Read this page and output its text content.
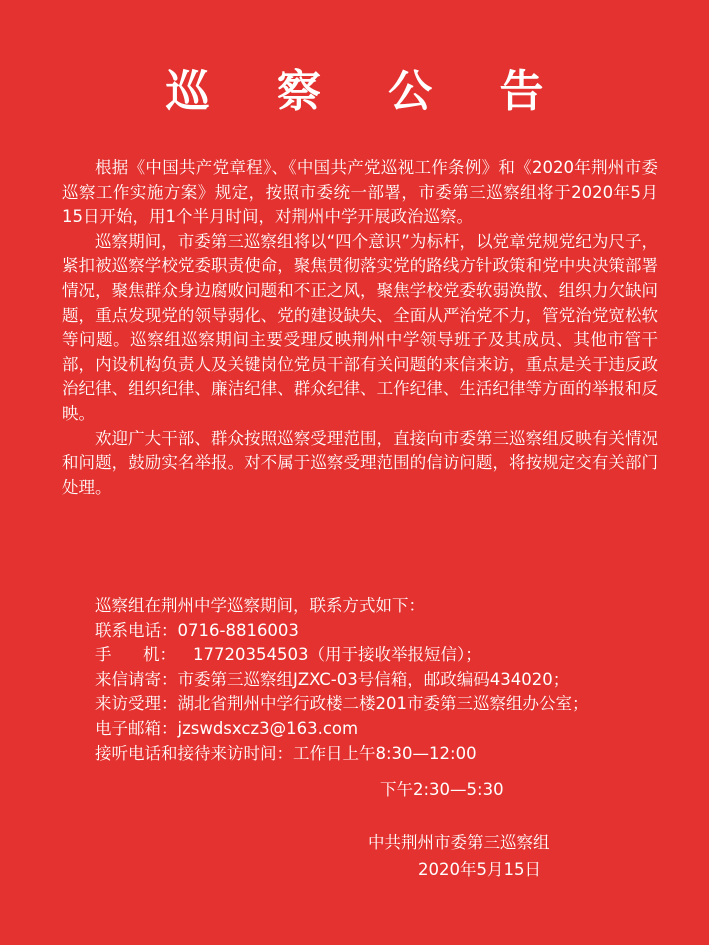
巡 察 公 告

根据《中国共产党章程》、《中国共产党巡视工作条例》和《2020年荆州市委巡察工作实施方案》规定，按照市委统一部署，市委第三巡察组将于2020年5月15日开始，用1个半月时间，对荆州中学开展政治巡察。

巡察期间，市委第三巡察组将以“四个意识”为标杆，以党章党规党纪为尺子，紧扣被巡察学校党委职责使命，聚焦贯彻落实党的路线方针政策和党中央决策部署情况，聚焦群众身边腐败问题和不正之风，聚焦学校党委软弱涣散、组织力欠缺问题，重点发现党的领导弱化、党的建设缺失、全面从严治党不力，管党治党宽松软等问题。巡察组巡察期间主要受理反映荆州中学领导班子及其成员、其他市管干部，内设机构负责人及关键岗位党员干部有关问题的来信来访，重点是关于违反政治纪律、组织纪律、廉洁纪律、群众纪律、工作纪律、生活纪律等方面的举报和反映。

欢迎广大干部、群众按照巡察受理范围，直接向市委第三巡察组反映有关情况和问题，鼓励实名举报。对不属于巡察受理范围的信访问题，将按规定交有关部门处理。

巡察组在荆州中学巡察期间，联系方式如下：
联系电话：0716-8816003
手      机： 17720354503（用于接收举报短信）；
来信请寄：市委第三巡察组JZXC-03号信箱，邮政编码434020；
来访受理：湖北省荆州中学行政楼二楼201市委第三巡察组办公室；
电子邮箱：jzswdsxcz3@163.com
接听电话和接待来访时间：工作日上午8:30—12:00
下午2:30—5:30
中共荆州市委第三巡察组
2020年5月15日
